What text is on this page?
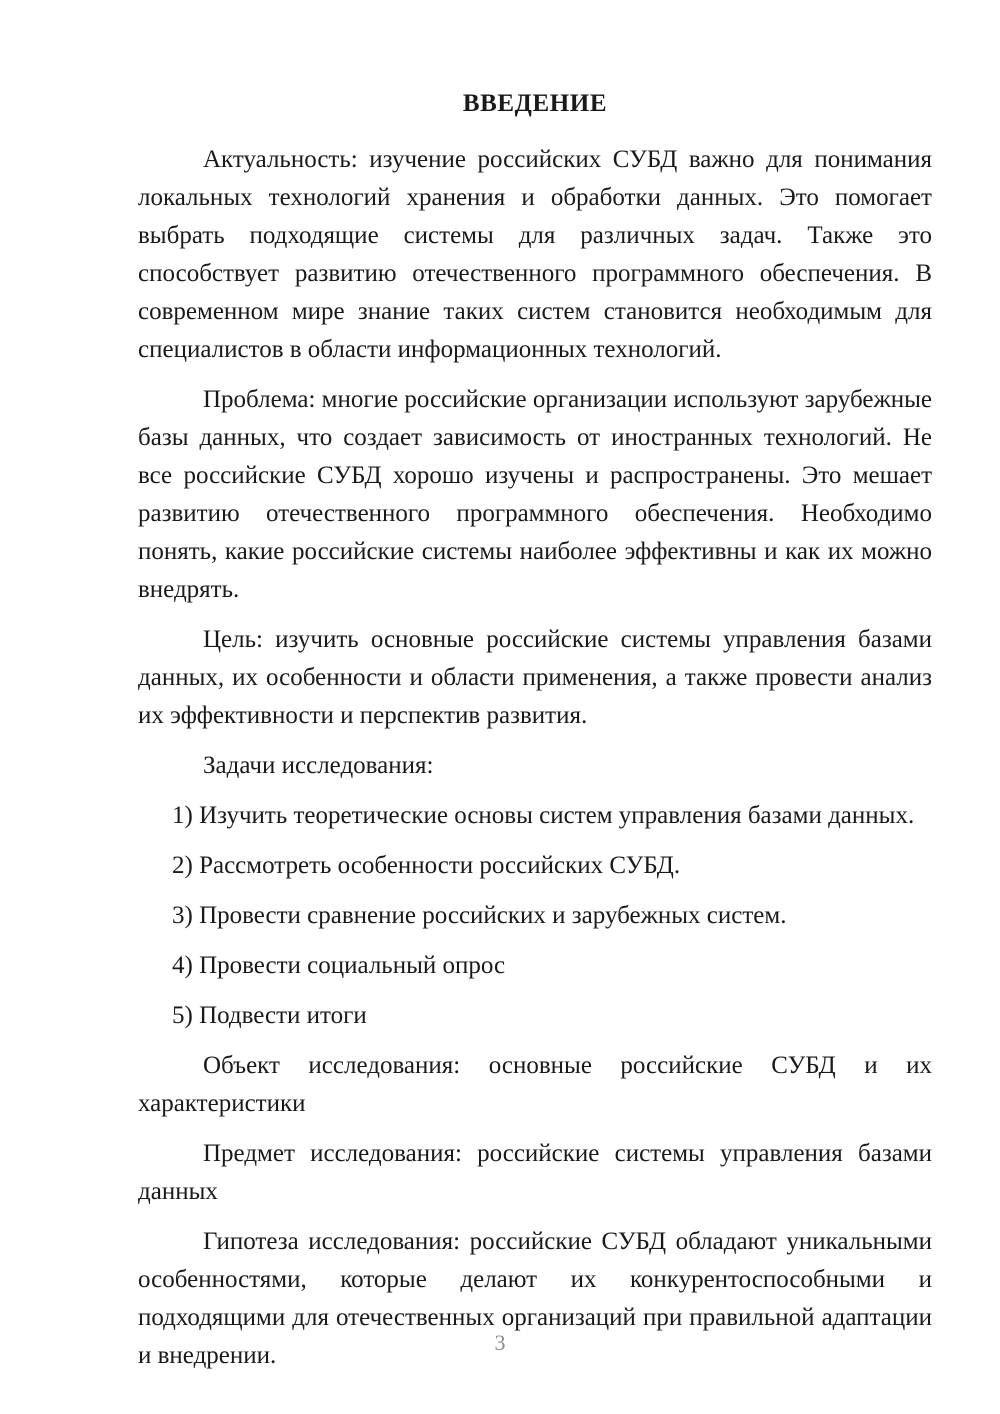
ВВЕДЕНИЕ

Актуальность: изучение российских СУБД важно для понимания локальных технологий хранения и обработки данных. Это помогает выбрать подходящие системы для различных задач. Также это способствует развитию отечественного программного обеспечения. В современном мире знание таких систем становится необходимым для специалистов в области информационных технологий.

Проблема: многие российские организации используют зарубежные базы данных, что создает зависимость от иностранных технологий. Не все российские СУБД хорошо изучены и распространены. Это мешает развитию отечественного программного обеспечения. Необходимо понять, какие российские системы наиболее эффективны и как их можно внедрять.

Цель: изучить основные российские системы управления базами данных, их особенности и области применения, а также провести анализ их эффективности и перспектив развития.

Задачи исследования:

1) Изучить теоретические основы систем управления базами данных.
2) Рассмотреть особенности российских СУБД.
3) Провести сравнение российских и зарубежных систем.
4) Провести социальный опрос
5) Подвести итоги

Объект исследования: основные российские СУБД и их характеристики

Предмет исследования: российские системы управления базами данных

Гипотеза исследования: российские СУБД обладают уникальными особенностями, которые делают их конкурентоспособными и подходящими для отечественных организаций при правильной адаптации и внедрении.	3
